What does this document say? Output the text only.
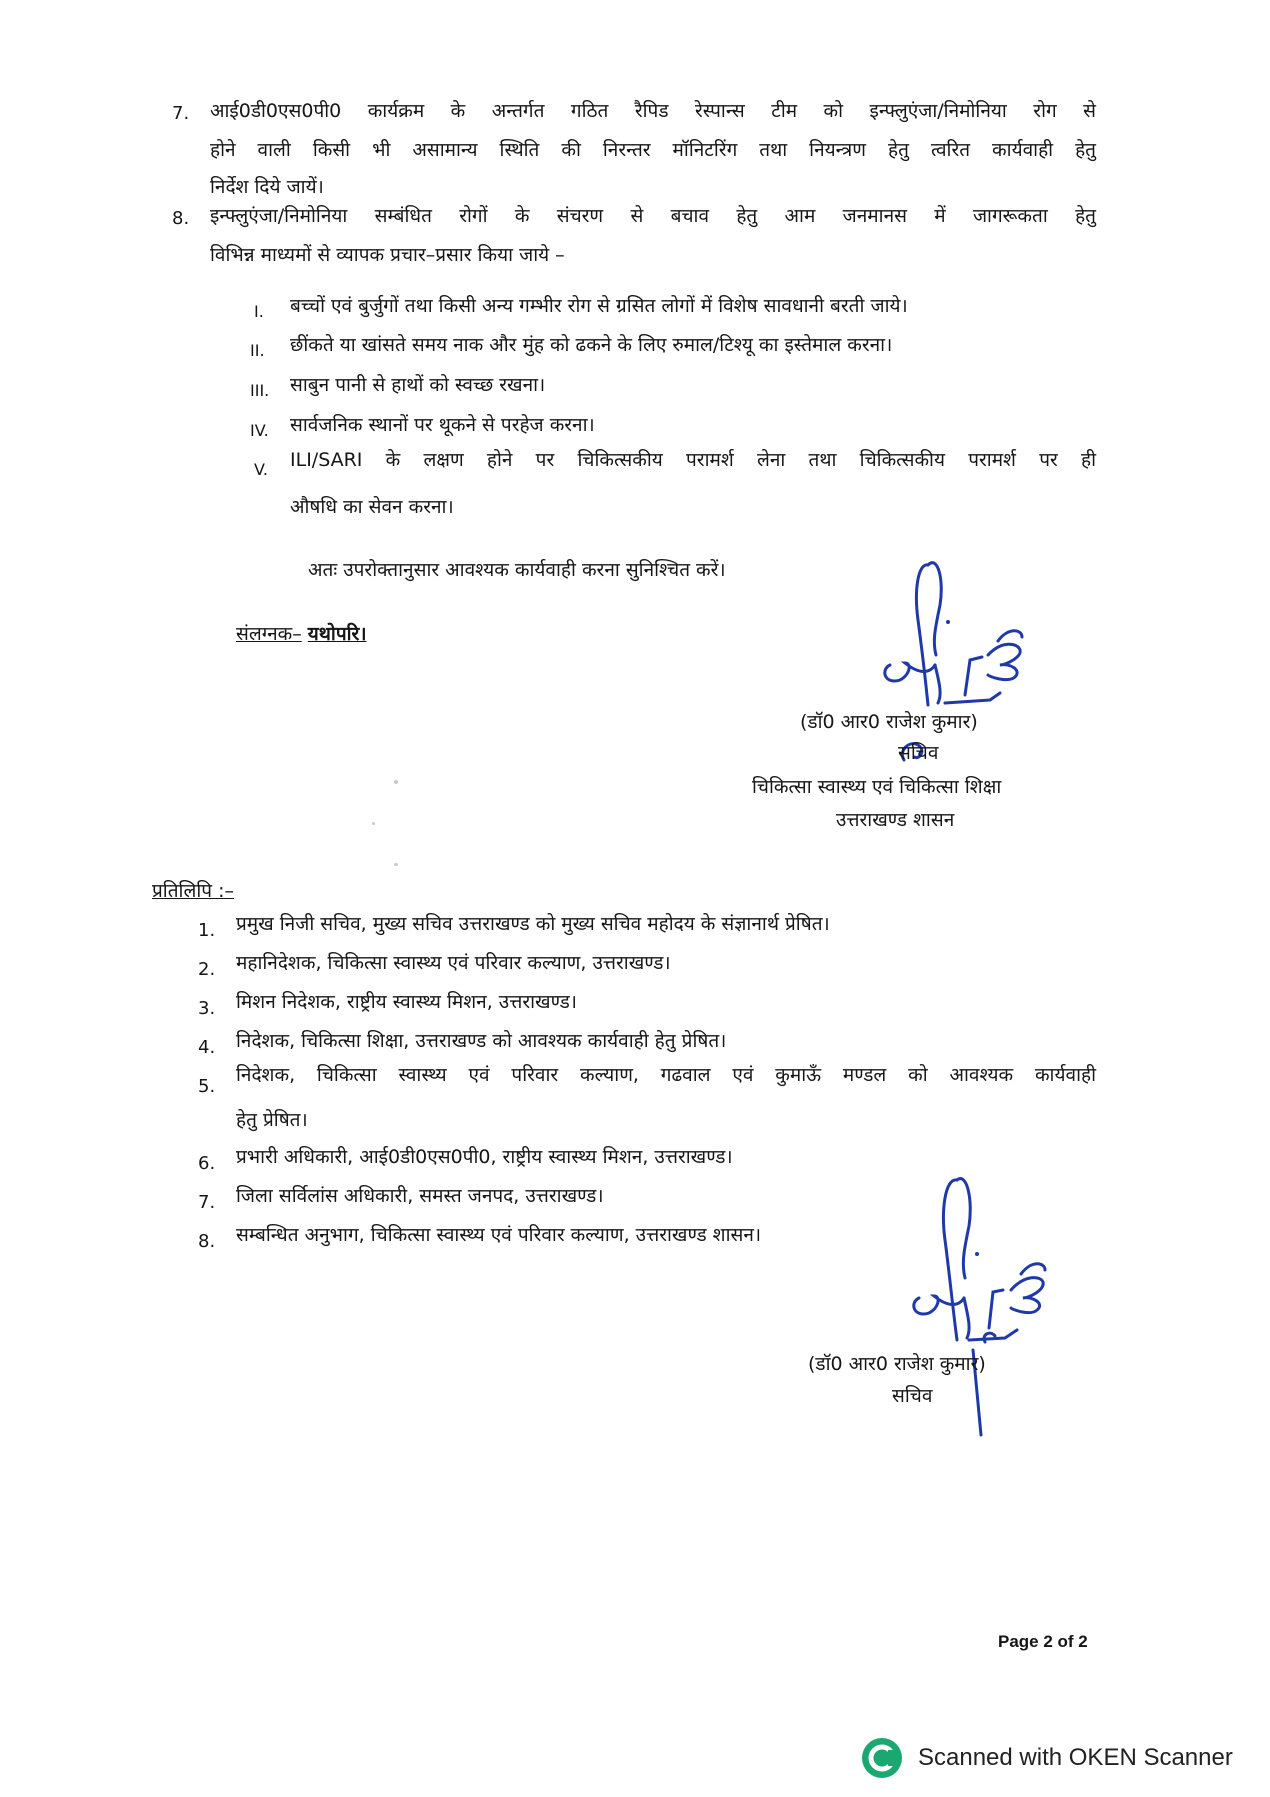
7.	आई0डी0एस0पी0 कार्यक्रम के अन्तर्गत गठित रैपिड रेस्पान्स टीम को इन्फ्लुएंजा/निमोनिया रोग से
होने वाली किसी भी असामान्य स्थिति की निरन्तर मॉनिटरिंग तथा नियन्त्रण हेतु त्वरित कार्यवाही हेतु
निर्देश दिये जायें।
8.	इन्फ्लुएंजा/निमोनिया सम्बंधित रोगों के संचरण से बचाव हेतु आम जनमानस में जागरूकता हेतु
विभिन्न माध्यमों से व्यापक प्रचार–प्रसार किया जाये –
I. बच्चों एवं बुर्जुगों तथा किसी अन्य गम्भीर रोग से ग्रसित लोगों में विशेष सावधानी बरती जाये।
II. छींकते या खांसते समय नाक और मुंह को ढकने के लिए रुमाल/टिश्यू का इस्तेमाल करना।
III. साबुन पानी से हाथों को स्वच्छ रखना।
IV. सार्वजनिक स्थानों पर थूकने से परहेज करना।
V. ILI/SARI के लक्षण होने पर चिकित्सकीय परामर्श लेना तथा चिकित्सकीय परामर्श पर ही
औषधि का सेवन करना।
अतः उपरोक्तानुसार आवश्यक कार्यवाही करना सुनिश्चित करें।
संलग्नक– यथोपरि।
(डॉ0 आर0 राजेश कुमार)
सचिव
चिकित्सा स्वास्थ्य एवं चिकित्सा शिक्षा
उत्तराखण्ड शासन
प्रतिलिपि :–
1.	प्रमुख निजी सचिव, मुख्य सचिव उत्तराखण्ड को मुख्य सचिव महोदय के संज्ञानार्थ प्रेषित।
2.	महानिदेशक, चिकित्सा स्वास्थ्य एवं परिवार कल्याण, उत्तराखण्ड।
3.	मिशन निदेशक, राष्ट्रीय स्वास्थ्य मिशन, उत्तराखण्ड।
4.	निदेशक, चिकित्सा शिक्षा, उत्तराखण्ड को आवश्यक कार्यवाही हेतु प्रेषित।
5.
निदेशक, चिकित्सा स्वास्थ्य एवं परिवार कल्याण, गढवाल एवं कुमाऊँ मण्डल को आवश्यक कार्यवाही
हेतु प्रेषित।
6.	प्रभारी अधिकारी, आई0डी0एस0पी0, राष्ट्रीय स्वास्थ्य मिशन, उत्तराखण्ड।
7.	जिला सर्विलांस अधिकारी, समस्त जनपद, उत्तराखण्ड।
8.	सम्बन्धित अनुभाग, चिकित्सा स्वास्थ्य एवं परिवार कल्याण, उत्तराखण्ड शासन।
(डॉ0 आर0 राजेश कुमार)
सचिव
Page 2 of 2
Scanned with OKEN Scanner
